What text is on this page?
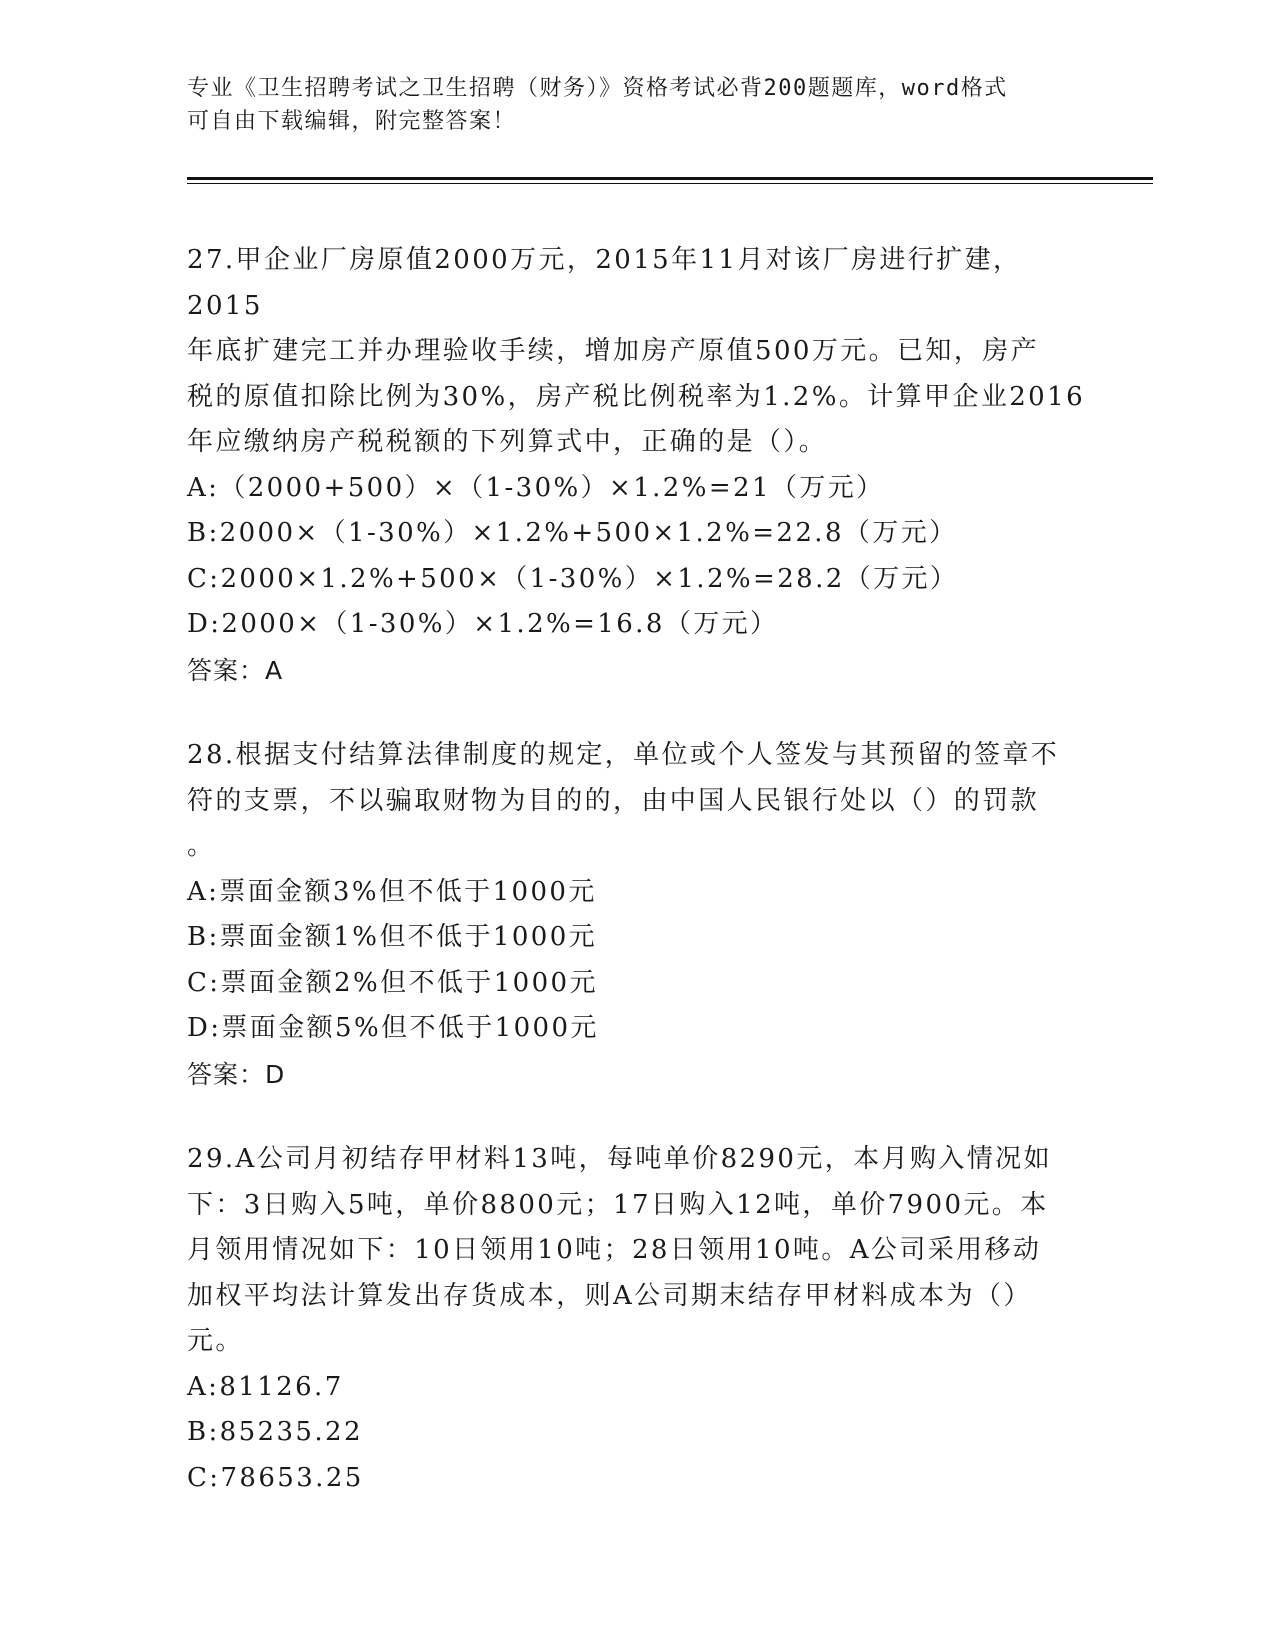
专业《卫生招聘考试之卫生招聘（财务）》资格考试必背200题题库，word格式
可自由下载编辑，附完整答案！
27.甲企业厂房原值2000万元，2015年11月对该厂房进行扩建，2015
年底扩建完工并办理验收手续，增加房产原值500万元。已知，房产
税的原值扣除比例为30%，房产税比例税率为1.2%。计算甲企业2016
年应缴纳房产税税额的下列算式中，正确的是（）。
A:（2000+500）×（1-30%）×1.2%=21（万元）
B:2000×（1-30%）×1.2%+500×1.2%=22.8（万元）
C:2000×1.2%+500×（1-30%）×1.2%=28.2（万元）
D:2000×（1-30%）×1.2%=16.8（万元）
答案：A
28.根据支付结算法律制度的规定，单位或个人签发与其预留的签章不
符的支票，不以骗取财物为目的的，由中国人民银行处以（）的罚款
。
A:票面金额3%但不低于1000元
B:票面金额1%但不低于1000元
C:票面金额2%但不低于1000元
D:票面金额5%但不低于1000元
答案：D
29.A公司月初结存甲材料13吨，每吨单价8290元，本月购入情况如
下：3日购入5吨，单价8800元；17日购入12吨，单价7900元。本
月领用情况如下：10日领用10吨；28日领用10吨。A公司采用移动
加权平均法计算发出存货成本，则A公司期末结存甲材料成本为（）
元。
A:81126.7
B:85235.22
C:78653.25
